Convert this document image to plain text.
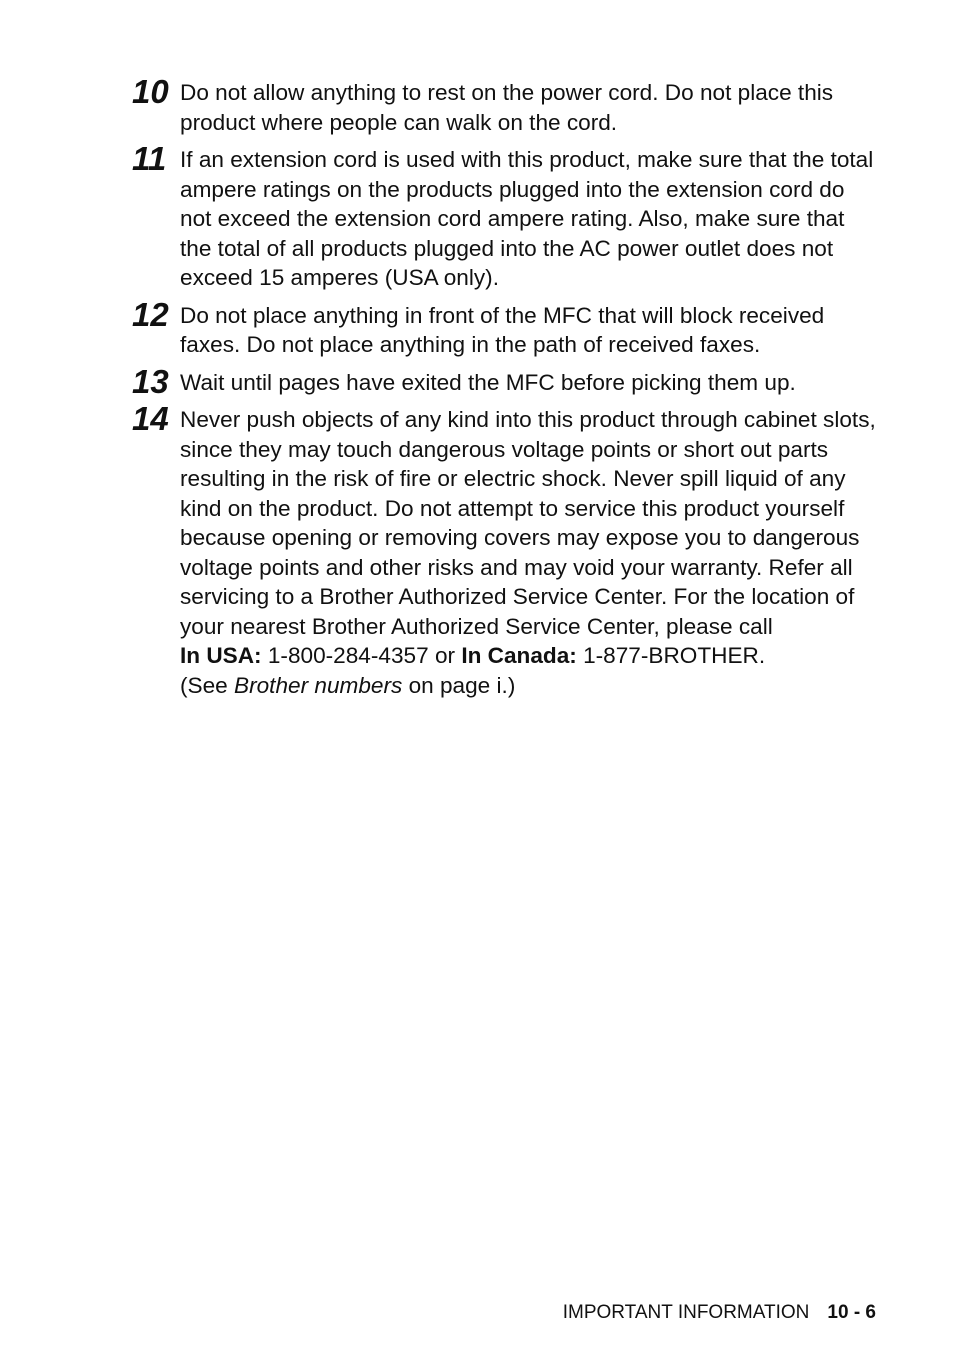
10 Do not allow anything to rest on the power cord. Do not place this product where people can walk on the cord.
11 If an extension cord is used with this product, make sure that the total ampere ratings on the products plugged into the extension cord do not exceed the extension cord ampere rating. Also, make sure that the total of all products plugged into the AC power outlet does not exceed 15 amperes (USA only).
12 Do not place anything in front of the MFC that will block received faxes. Do not place anything in the path of received faxes.
13 Wait until pages have exited the MFC before picking them up.
14 Never push objects of any kind into this product through cabinet slots, since they may touch dangerous voltage points or short out parts resulting in the risk of fire or electric shock. Never spill liquid of any kind on the product. Do not attempt to service this product yourself because opening or removing covers may expose you to dangerous voltage points and other risks and may void your warranty. Refer all servicing to a Brother Authorized Service Center. For the location of your nearest Brother Authorized Service Center, please call

In USA: 1-800-284-4357 or In Canada: 1-877-BROTHER.

(See Brother numbers on page i.)

IMPORTANT INFORMATION 10 - 6
